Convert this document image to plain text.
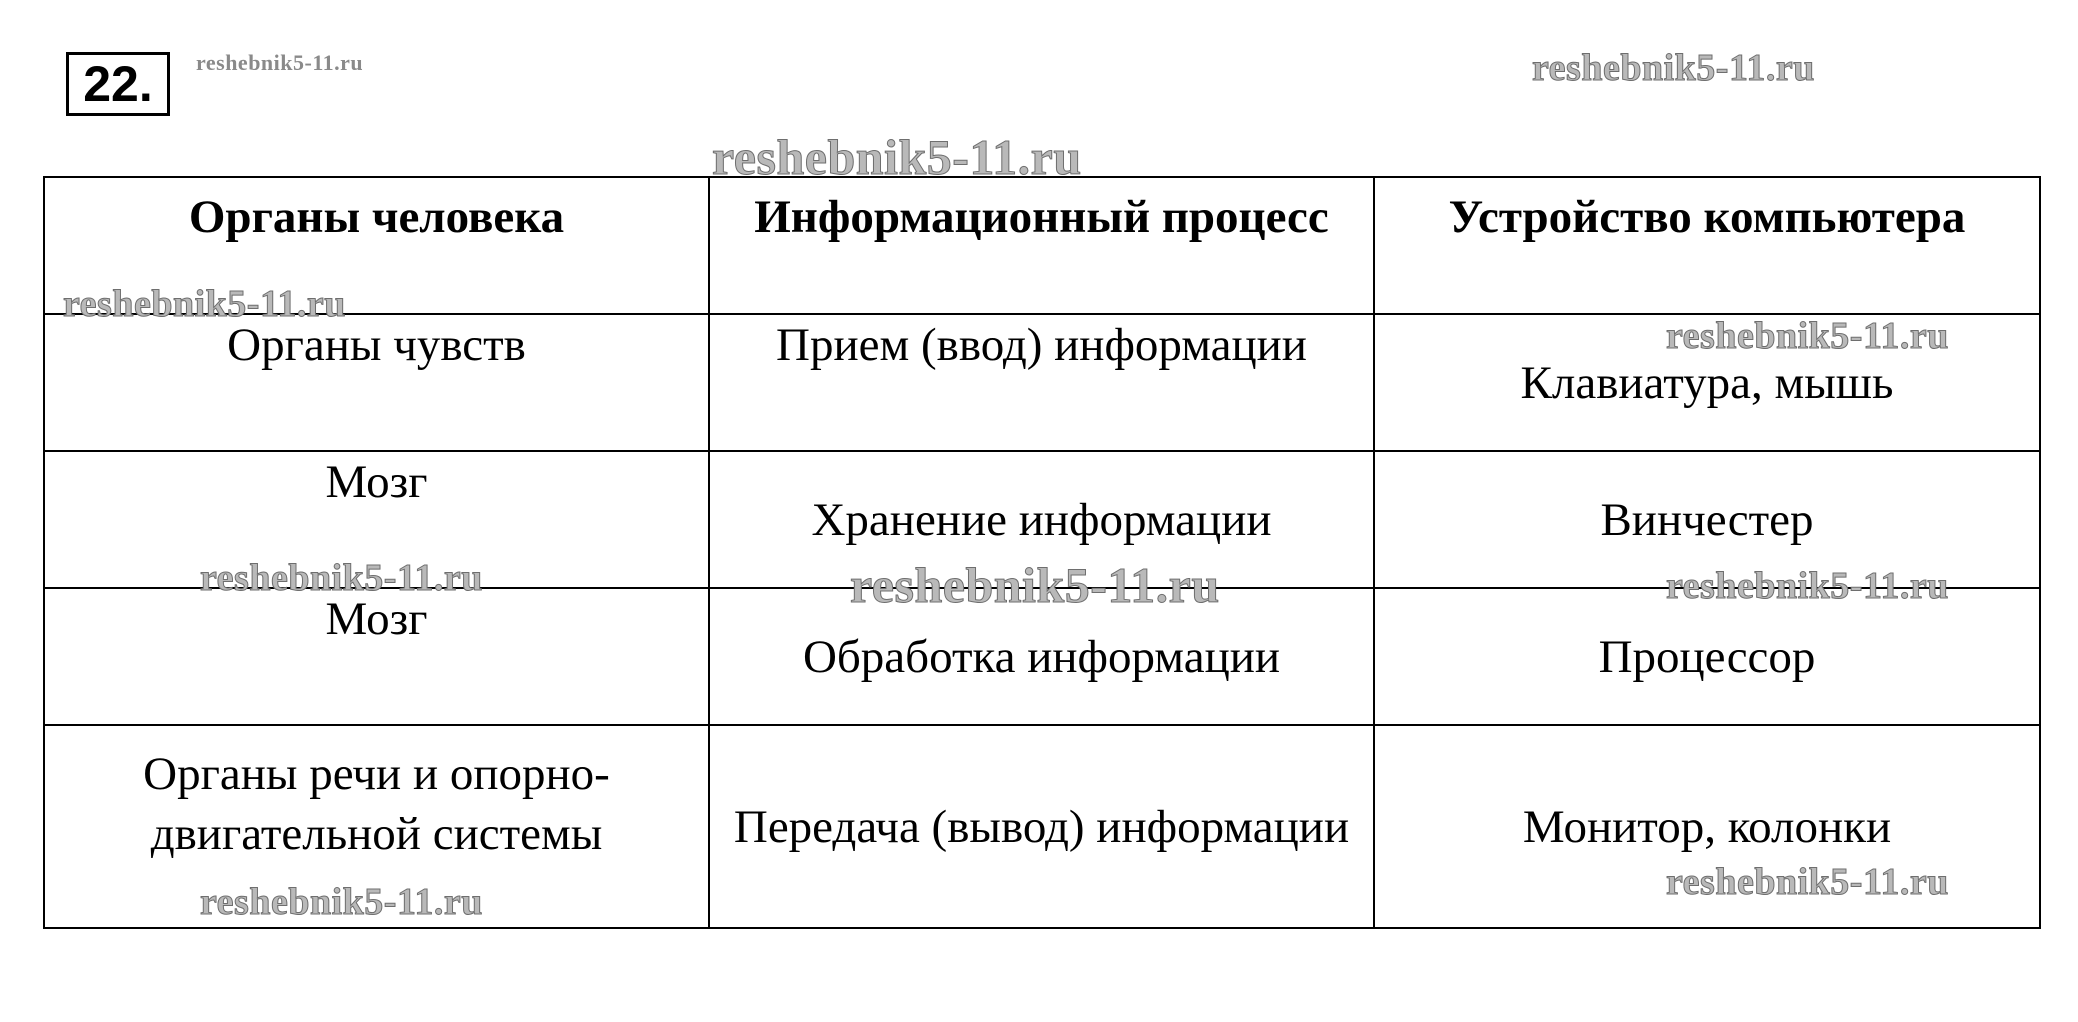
22.
Органы человека	Информационный процесс	Устройство компьютера
Органы чувств	Прием (ввод) информации	Клавиатура, мышь
Мозг	Хранение информации	Винчестер
Мозг	Обработка информации	Процессор
Органы речи и опорно-двигательной системы	Передача (вывод) информации	Монитор, колонки
reshebnik5-11.ru	reshebnik5-11.ru
reshebnik5-11.ru
reshebnik5-11.ru
reshebnik5-11.ru
reshebnik5-11.ru	reshebnik5-11.ru	reshebnik5-11.ru
reshebnik5-11.ru
reshebnik5-11.ru
